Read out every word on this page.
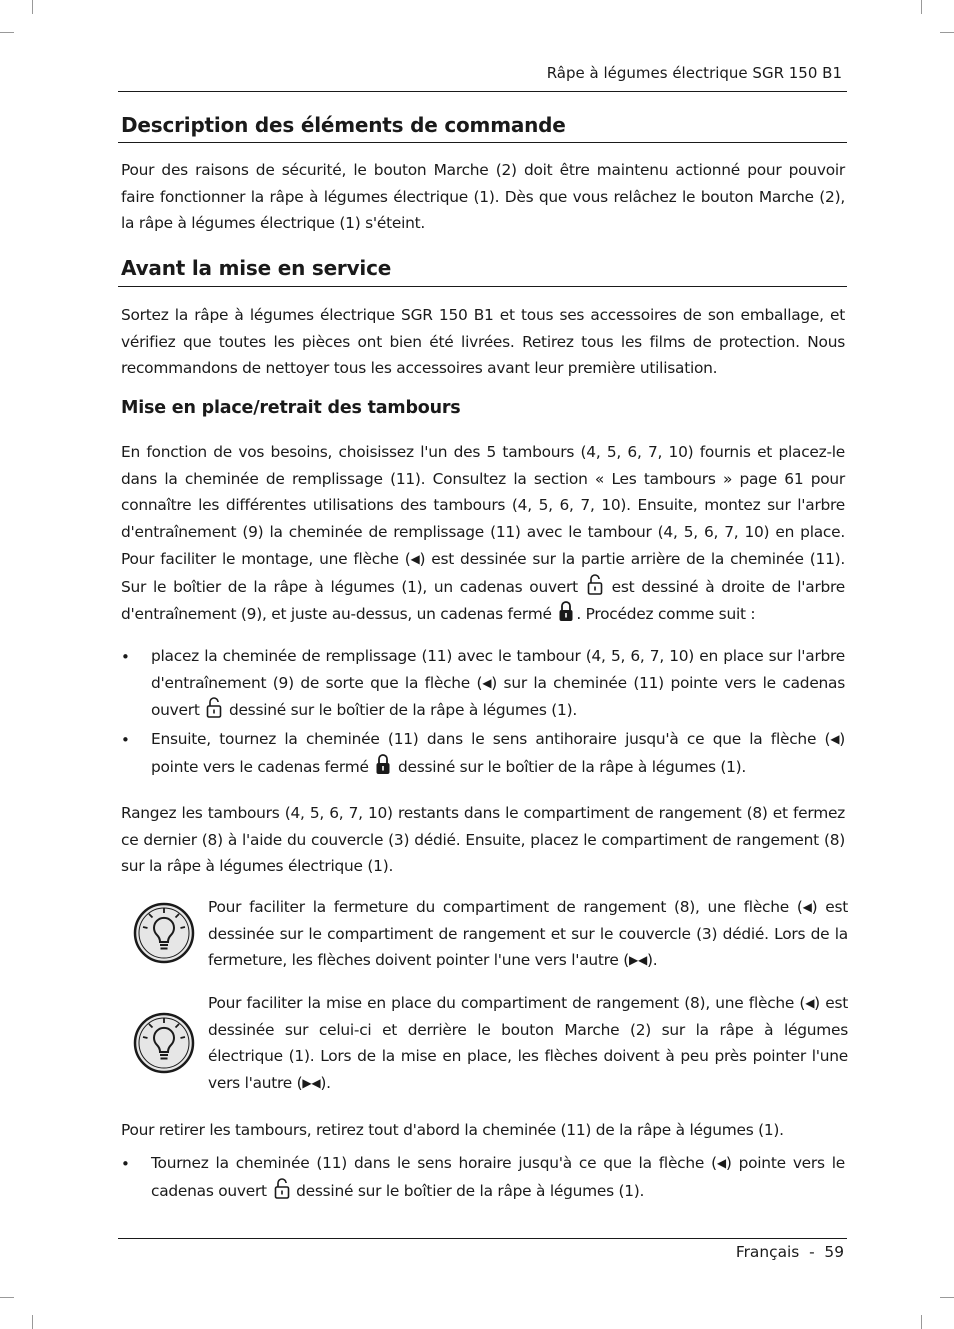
Râpe à légumes électrique SGR 150 B1
Description des éléments de commande

Pour des raisons de sécurité, le bouton Marche (2) doit être maintenu actionné pour pouvoir faire fonctionner la râpe à légumes électrique (1). Dès que vous relâchez le bouton Marche (2), la râpe à légumes électrique (1) s'éteint.

Avant la mise en service

Sortez la râpe à légumes électrique SGR 150 B1 et tous ses accessoires de son emballage, et vérifiez que toutes les pièces ont bien été livrées. Retirez tous les films de protection. Nous recommandons de nettoyer tous les accessoires avant leur première utilisation.

Mise en place/retrait des tambours

En fonction de vos besoins, choisissez l'un des 5 tambours (4, 5, 6, 7, 10) fournis et placez-le dans la cheminée de remplissage (11). Consultez la section « Les tambours » page 61 pour connaître les différentes utilisations des tambours (4, 5, 6, 7, 10). Ensuite, montez sur l'arbre d'entraînement (9) la cheminée de remplissage (11) avec le tambour (4, 5, 6, 7, 10) en place. Pour faciliter le montage, une flèche (◀) est dessinée sur la partie arrière de la cheminée (11). Sur le boîtier de la râpe à légumes (1), un cadenas ouvert est dessiné à droite de l'arbre d'entraînement (9), et juste au-dessus, un cadenas fermé . Procédez comme suit :

• placez la cheminée de remplissage (11) avec le tambour (4, 5, 6, 7, 10) en place sur l'arbre d'entraînement (9) de sorte que la flèche (◀) sur la cheminée (11) pointe vers le cadenas ouvert dessiné sur le boîtier de la râpe à légumes (1).

• Ensuite, tournez la cheminée (11) dans le sens antihoraire jusqu'à ce que la flèche (◀) pointe vers le cadenas fermé dessiné sur le boîtier de la râpe à légumes (1).

Rangez les tambours (4, 5, 6, 7, 10) restants dans le compartiment de rangement (8) et fermez ce dernier (8) à l'aide du couvercle (3) dédié. Ensuite, placez le compartiment de rangement (8) sur la râpe à légumes électrique (1).

Pour faciliter la fermeture du compartiment de rangement (8), une flèche (◀) est dessinée sur le compartiment de rangement et sur le couvercle (3) dédié. Lors de la fermeture, les flèches doivent pointer l'une vers l'autre (▶◀).

Pour faciliter la mise en place du compartiment de rangement (8), une flèche (◀) est dessinée sur celui-ci et derrière le bouton Marche (2) sur la râpe à légumes électrique (1). Lors de la mise en place, les flèches doivent à peu près pointer l'une vers l'autre (▶◀).

Pour retirer les tambours, retirez tout d'abord la cheminée (11) de la râpe à légumes (1).

• Tournez la cheminée (11) dans le sens horaire jusqu'à ce que la flèche (◀) pointe vers le cadenas ouvert dessiné sur le boîtier de la râpe à légumes (1).

Français  -  59
